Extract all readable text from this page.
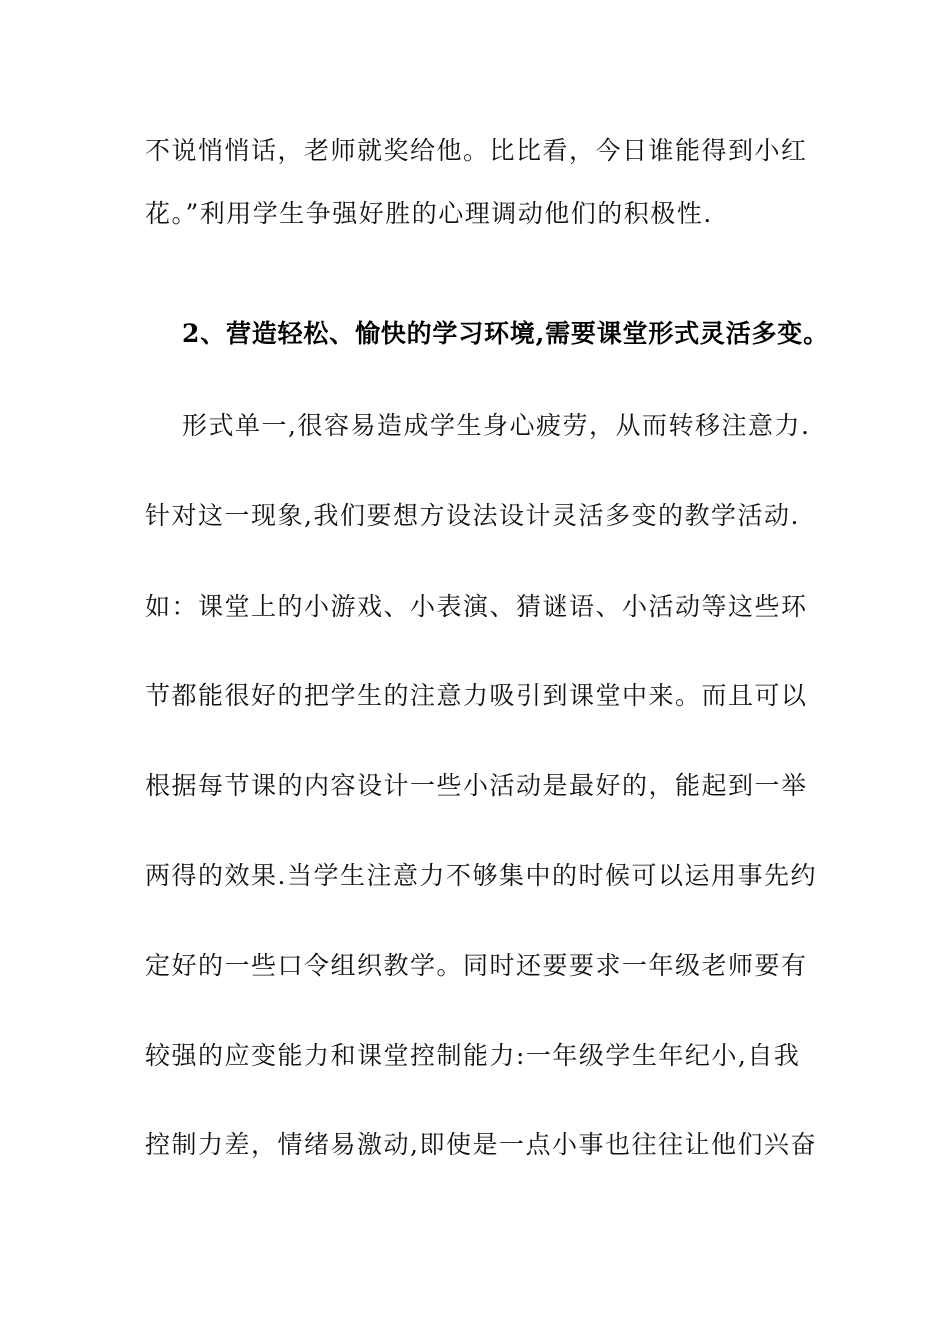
不说悄悄话，老师就奖给他。比比看，今日谁能得到小红
花。”利用学生争强好胜的心理调动他们的积极性.
2、营造轻松、愉快的学习环境,需要课堂形式灵活多变。
形式单一,很容易造成学生身心疲劳，从而转移注意力.
针对这一现象,我们要想方设法设计灵活多变的教学活动.
如：课堂上的小游戏、小表演、猜谜语、小活动等这些环
节都能很好的把学生的注意力吸引到课堂中来。而且可以
根据每节课的内容设计一些小活动是最好的，能起到一举
两得的效果.当学生注意力不够集中的时候可以运用事先约
定好的一些口令组织教学。同时还要要求一年级老师要有
较强的应变能力和课堂控制能力:一年级学生年纪小,自我
控制力差，情绪易激动,即使是一点小事也往往让他们兴奋
